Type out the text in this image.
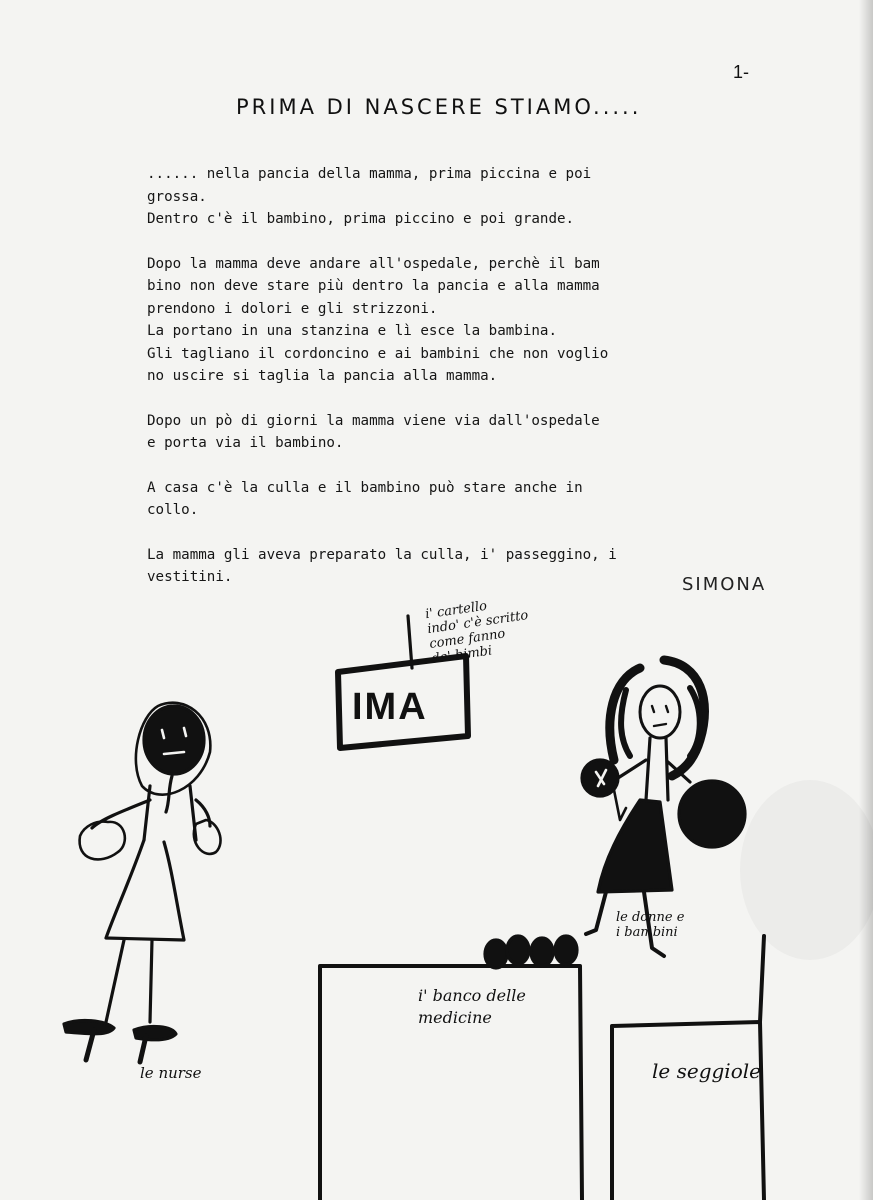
1-
PRIMA DI NASCERE STIAMO.....
...... nella pancia della mamma, prima piccina e poi
grossa.
Dentro c'è il bambino, prima piccino e poi grande.
Dopo la mamma deve andare all'ospedale, perchè il bam
bino non deve stare più dentro la pancia e alla mamma
prendono i dolori e gli strizzoni.
La portano in una stanzina e lì esce la bambina.
Gli tagliano il cordoncino e ai bambini che non voglio
no uscire si taglia la pancia alla mamma.
Dopo un pò di giorni la mamma viene via dall'ospedale
e porta via il bambino.
A casa c'è la culla e il bambino può stare anche in
collo.
La mamma gli aveva preparato la culla, i' passeggino, i
vestitini.	SIMONA
IMA
i' cartello
indo' c'è scritto
come fanno
de' bimbi
le donne e
i bambini
i' banco delle
medicine
le nurse	le seggiole
